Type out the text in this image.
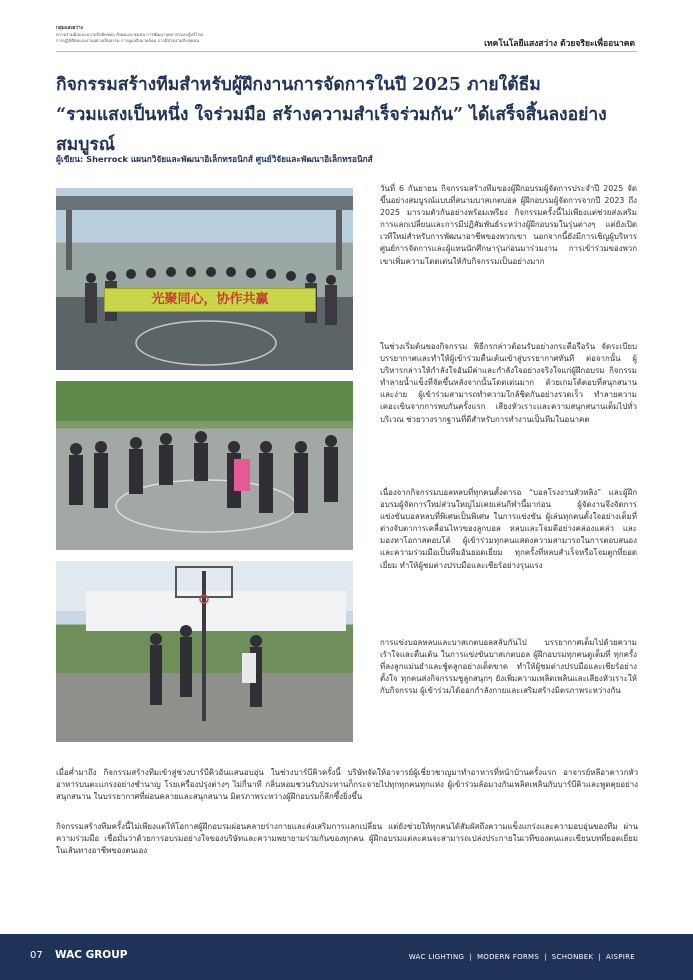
กลุ่มแสงสว่าง
ความร่วมมือและความรับผิดชอบ สังคมและชุมชน การพัฒนาบุคลากรและผู้บริโภค
การปฏิบัติต่อแรงงานอย่างเป็นธรรม การดูแลสิ่งแวดล้อม การมีส่วนร่วมกับชุมชน	เทคโนโลยีแสงสว่าง ด้วยจริยะเพื่ออนาคต
กิจกรรมสร้างทีมสำหรับผู้ฝึกงานการจัดการในปี 2025 ภายใต้ธีม
“รวมแสงเป็นหนึ่ง ใจร่วมมือ สร้างความสำเร็จร่วมกัน” ได้เสร็จสิ้นลงอย่างสมบูรณ์
ผู้เขียน: Sherrock แผนกวิจัยและพัฒนาอิเล็กทรอนิกส์ ศูนย์วิจัยและพัฒนาอิเล็กทรอนิกส์
光聚同心，协作共赢

วันที่ 6 กันยายน กิจกรรมสร้างทีมของผู้ฝึกอบรมผู้จัดการประจำปี 2025 จัดขึ้นอย่างสมบูรณ์แบบที่สนามบาสเกตบอล ผู้ฝึกอบรมผู้จัดการจากปี 2023 ถึง 2025 มารวมตัวกันอย่างพร้อมเพรียง กิจกรรมครั้งนี้ไม่เพียงแต่ช่วยส่งเสริมการแลกเปลี่ยนและการมีปฏิสัมพันธ์ระหว่างผู้ฝึกอบรมในรุ่นต่างๆ แต่ยังเปิดเวทีใหม่สำหรับการพัฒนาอาชีพของพวกเขา นอกจากนี้ยังมีการเชิญผู้บริหารศูนย์การจัดการและผู้แทนนักศึกษารุ่นก่อนมาร่วมงาน การเข้าร่วมของพวกเขาเพิ่มความโดดเด่นให้กับกิจกรรมเป็นอย่างมาก

ในช่วงเริ่มต้นของกิจกรรม พิธีกรกล่าวต้อนรับอย่างกระตือรือร้น จัดระเบียบบรรยากาศและทำให้ผู้เข้าร่วมตื่นเต้นเข้าสู่บรรยากาศทันที ต่อจากนั้น ผู้บริหารกล่าวให้กำลังใจอันมีค่าและกำลังใจอย่างจริงใจแก่ผู้ฝึกอบรม กิจกรรมทำลายน้ำแข็งที่จัดขึ้นหลังจากนั้นโดดเด่นมาก ด้วยเกมโต้ตอบที่สนุกสนานและง่าย ผู้เข้าร่วมสามารถทำความใกล้ชิดกันอย่างรวดเร็ว ทำลายความเคอะเขินจากการพบกันครั้งแรก เสียงหัวเราะและความสนุกสนานเต็มไปทั่วบริเวณ ช่วยวางรากฐานที่ดีสำหรับการทำงานเป็นทีมในอนาคต

เนื่องจากกิจกรรมบอลหลบที่ทุกคนตั้งตารอ “บอลโรงงานหัวหลิง” และผู้ฝึกอบรมผู้จัดการใหม่ส่วนใหญ่ไม่เคยเล่นกีฬานี้มาก่อน ผู้จัดงานจึงจัดการแข่งขันบอลหลบที่พิเศษเป็นพิเศษ ในการแข่งขัน ผู้เล่นทุกคนตั้งใจอย่างเต็มที่ ต่างจับตาการเคลื่อนไหวของลูกบอล หลบและโจมตีอย่างคล่องแคล่ว และมองหาโอกาสตอบโต้ ผู้เข้าร่วมทุกคนแสดงความสามารถในการตอบสนองและความร่วมมือเป็นทีมอันยอดเยี่ยม ทุกครั้งที่หลบสำเร็จหรือโจมตูกที่ยอดเยี่ยม ทำให้ผู้ชมต่างปรบมือและเชียร์อย่างรุนแรง

การแข่งบอลหลบและบาสเกตบอลสลับกันไป บรรยากาศเต็มไปด้วยความเร้าใจและตื่นเต้น ในการแข่งขันบาสเกตบอล ผู้ฝึกอบรมทุกคนดูเต็มที่ ทุกครั้งที่ลงลูกแม่นยำและชู้ตลูกอย่างเด็ดขาด ทำให้ผู้ชมต่างปรบมือและเชียร์อย่างตั้งใจ ทุกคนส่งกิจกรรมชูลูกสนุกๆ ยังเพิ่มความเพลิดเพลินและเสียงหัวเราะให้กับกิจกรรม ผู้เข้าร่วมได้ออกกำลังกายและเสริมสร้างมิตรภาพระหว่างกัน

เมื่อค่ำมาถึง กิจกรรมสร้างทีมเข้าสู่ช่วงบาร์บีคิวอันแสนอบอุ่น ในช่วงบาร์บีคิวครั้งนี้ บริษัทจัดให้อาจารย์ผู้เชี่ยวชาญมาทำอาหารที่หน้าบ้านครั้งแรก อาจารย์หลีอาคาวกหัวอาหารบนตะแกรงอย่างชำนาญ โรยเครื่องปรุงต่างๆ ไม่กี่นาที กลิ่นหอมชวนรับประทานก็กระจายไปทุกทุกคนทุกแห่ง ผู้เข้าร่วมล้อมวงกันเพลิดเพลินกับบาร์บีคิวและพูดคุยอย่างสนุกสนาน ในบรรยากาศที่ผ่อนคลายและสนุกสนาน มิตรภาพระหว่างผู้ฝึกอบรมก็ลึกซึ้งยิ่งขึ้น

กิจกรรมสร้างทีมครั้งนี้ไม่เพียงแต่ให้โอกาสผู้ฝึกอบรมผ่อนคลายร่างกายและส่งเสริมการแลกเปลี่ยน แต่ยังช่วยให้ทุกคนได้สัมผัสถึงความแข็งแกร่งและความอบอุ่นของทีม ผ่านความร่วมมือ เชื่อมั่นว่าด้วยการอบรมอย่างใจของบริษัทและความพยายามร่วมกันของทุกคน ผู้ฝึกอบรมแต่ละคนจะสามารถเปล่งประกายในเวทีของตนและเขียนบทที่ยอดเยี่ยมในเส้นทางอาชีพของตนเอง

07 WAC GROUP	WAC LIGHTING | MODERN FORMS | SCHONBEK | AISPIRE
